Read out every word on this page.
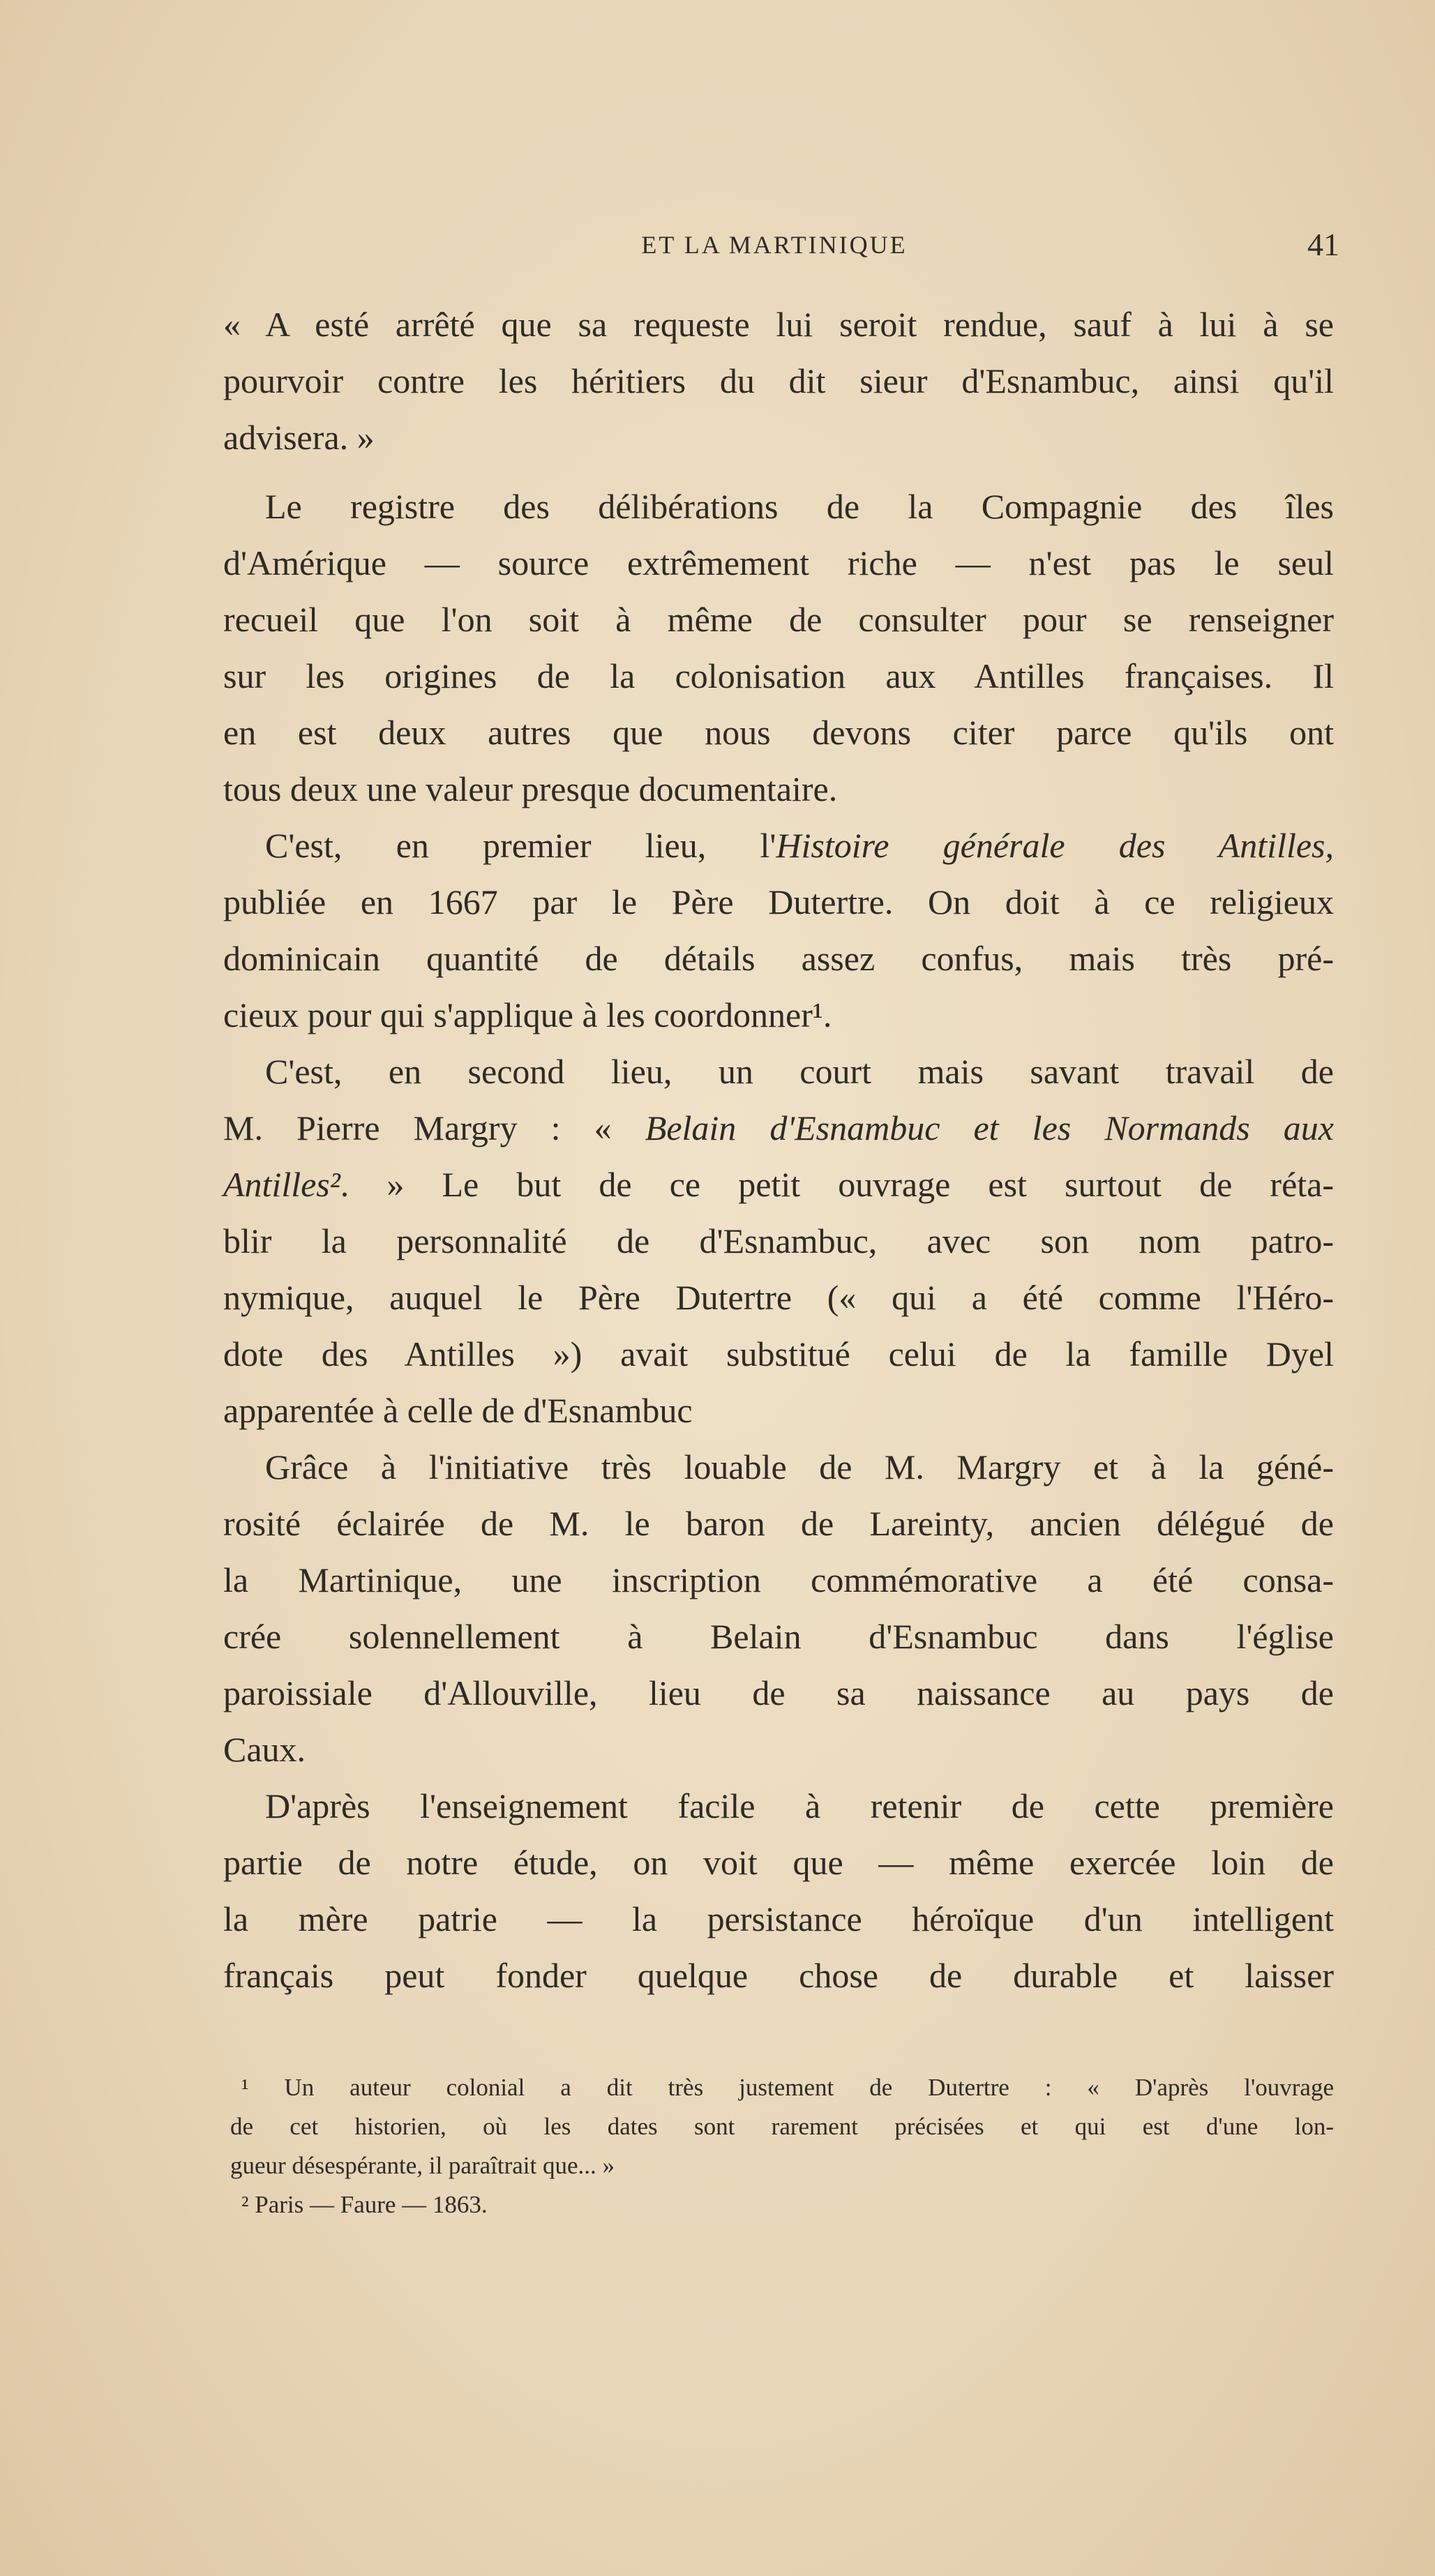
ET LA MARTINIQUE	41
« A esté arrêté que sa requeste lui seroit rendue, sauf à lui à se
pourvoir contre les héritiers du dit sieur d'Esnambuc, ainsi qu'il
advisera. »
Le registre des délibérations de la Compagnie des îles
d'Amérique — source extrêmement riche — n'est pas le seul
recueil que l'on soit à même de consulter pour se renseigner
sur les origines de la colonisation aux Antilles françaises. Il
en est deux autres que nous devons citer parce qu'ils ont
tous deux une valeur presque documentaire.
C'est, en premier lieu, l'Histoire générale des Antilles,
publiée en 1667 par le Père Dutertre. On doit à ce religieux
dominicain quantité de détails assez confus, mais très pré-
cieux pour qui s'applique à les coordonner¹.
C'est, en second lieu, un court mais savant travail de
M. Pierre Margry : « Belain d'Esnambuc et les Normands aux
Antilles². » Le but de ce petit ouvrage est surtout de réta-
blir la personnalité de d'Esnambuc, avec son nom patro-
nymique, auquel le Père Dutertre (« qui a été comme l'Héro-
dote des Antilles ») avait substitué celui de la famille Dyel
apparentée à celle de d'Esnambuc
Grâce à l'initiative très louable de M. Margry et à la géné-
rosité éclairée de M. le baron de Lareinty, ancien délégué de
la Martinique, une inscription commémorative a été consa-
crée solennellement à Belain d'Esnambuc dans l'église
paroissiale d'Allouville, lieu de sa naissance au pays de
Caux.
D'après l'enseignement facile à retenir de cette première
partie de notre étude, on voit que — même exercée loin de
la mère patrie — la persistance héroïque d'un intelligent
français peut fonder quelque chose de durable et laisser
¹ Un auteur colonial a dit très justement de Dutertre : « D'après l'ouvrage
de cet historien, où les dates sont rarement précisées et qui est d'une lon-
gueur désespérante, il paraîtrait que... »
² Paris — Faure — 1863.
